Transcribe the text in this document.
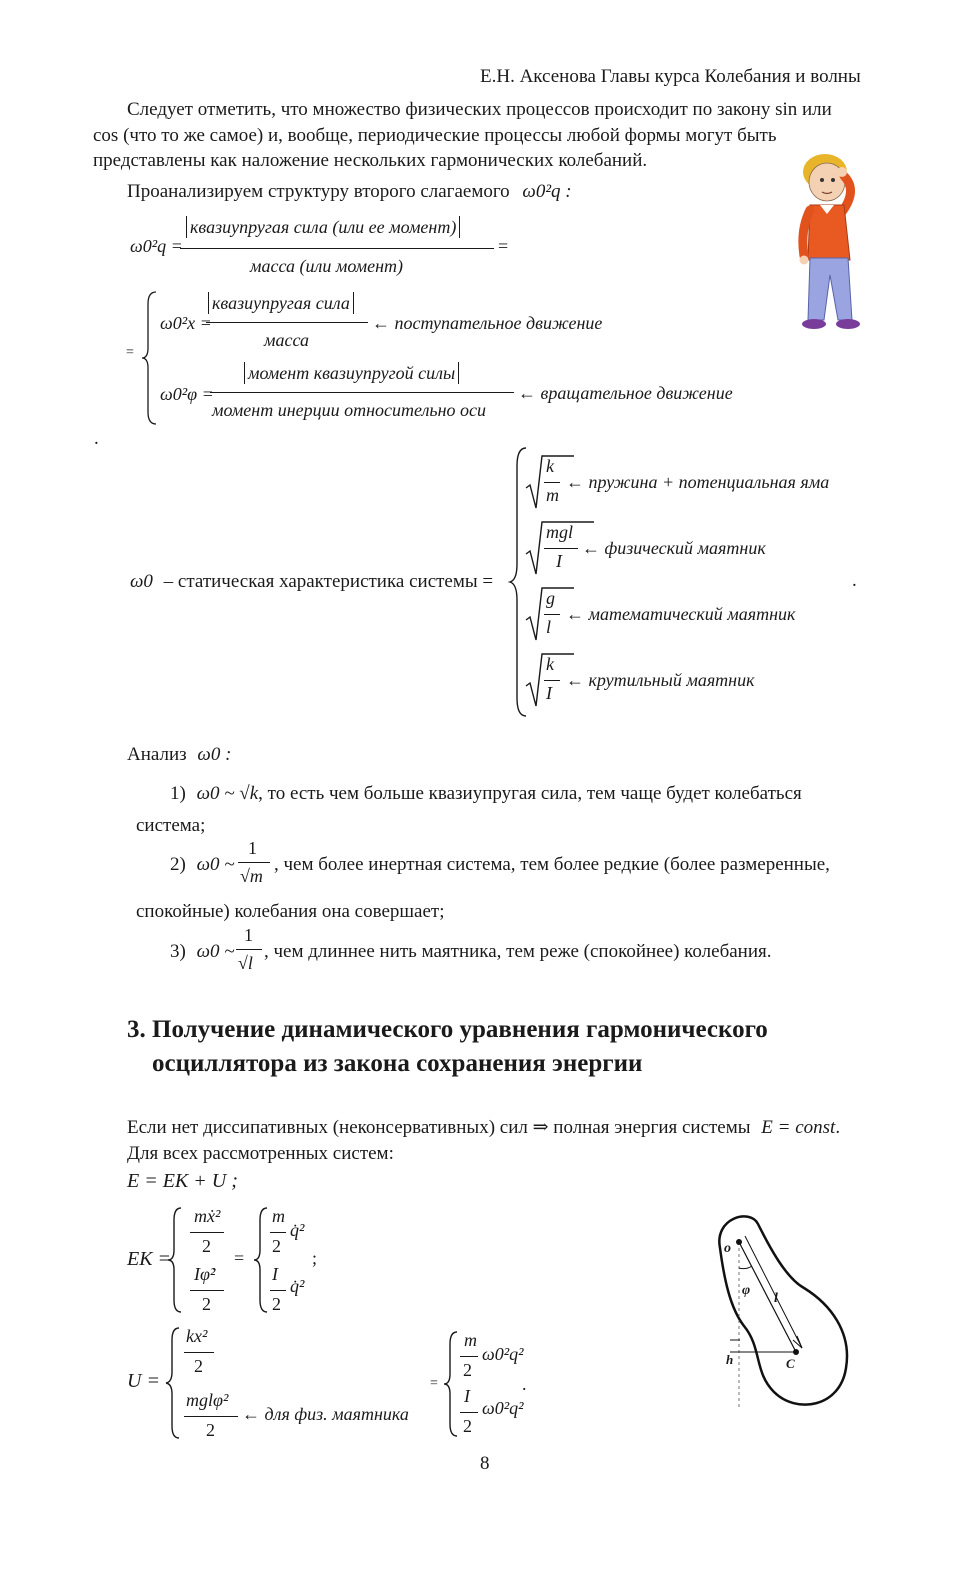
Е.Н. Аксенова Главы курса Колебания и волны
Следует отметить, что множество физических процессов происходит по закону sin или
cos (что то же самое) и, вообще, периодические процессы любой формы могут быть
представлены как наложение нескольких гармонических колебаний.
Проанализируем структуру второго слагаемого ω0²q :
ω0²q =
квазиупругая сила (или ее момент)
масса (или момент)
=
=
ω0²x =
квазиупругая сила
масса
← поступательное движение
ω0²φ =
момент квазиупругой силы
момент инерции относительно оси
← вращательное движение
.
ω0 – статическая характеристика системы =
k
m
← пружина + потенциальная яма
mgl
I
← физический маятник
g
l
← математический маятник
k
I
← крутильный маятник
.
Анализ ω0 :
1) ω0 ~ √k, то есть чем больше квазиупругая сила, тем чаще будет колебаться
система;
2) ω0 ~
1
√m
, чем более инертная система, тем более редкие (более размеренные,
спокойные) колебания она совершает;
3) ω0 ~
1
√l
, чем длиннее нить маятника, тем реже (спокойнее) колебания.
3. Получение динамического уравнения гармонического
осциллятора из закона сохранения энергии
Если нет диссипативных (неконсервативных) сил ⇒ полная энергия системы E = const.
Для всех рассмотренных систем:
E = EK + U ;
EK =
mẋ²
2
Iφ̇²
2
=
m
2
q̇²
I
2
q̇²
;
U =
kx²
2
mglφ²
2
← для физ. маятника
=
m
2
ω0²q²
I
2
ω0²q²
.
o
φ
l
h	C
8
